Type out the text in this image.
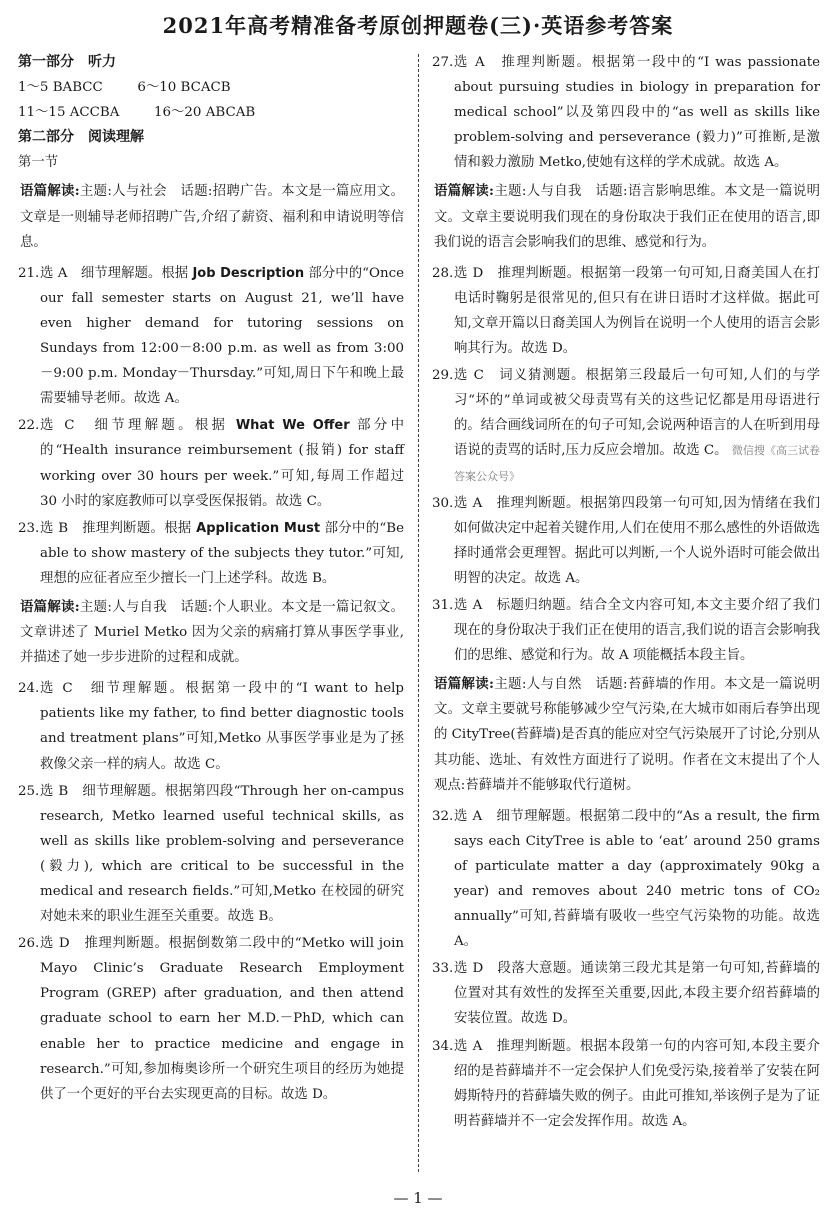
2021年高考精准备考原创押题卷(三)·英语参考答案
第一部分　听力
1～5 BABCC	6～10 BCACB
11～15 ACCBA	16～20 ABCAB
第二部分　阅读理解
第一节
语篇解读:主题:人与社会　话题:招聘广告。本文是一篇应用文。文章是一则辅导老师招聘广告,介绍了薪资、福利和申请说明等信息。
21. 选 A　细节理解题。根据 Job Description 部分中的“Once our fall semester starts on August 21, we’ll have even higher demand for tutoring sessions on Sundays from 12:00－8:00 p.m. as well as from 3:00－9:00 p.m. Monday－Thursday.”可知,周日下午和晚上最需要辅导老师。故选 A。
22. 选 C　细节理解题。根据 What We Offer 部分中的“Health insurance reimbursement (报销) for staff working over 30 hours per week.”可知,每周工作超过 30 小时的家庭教师可以享受医保报销。故选 C。
23. 选 B　推理判断题。根据 Application Must 部分中的“Be able to show mastery of the subjects they tutor.”可知,理想的应征者应至少擅长一门上述学科。故选 B。
语篇解读:主题:人与自我　话题:个人职业。本文是一篇记叙文。文章讲述了 Muriel Metko 因为父亲的病痛打算从事医学事业,并描述了她一步步进阶的过程和成就。
24. 选 C　细节理解题。根据第一段中的“I want to help patients like my father, to find better diagnostic tools and treatment plans”可知,Metko 从事医学事业是为了拯救像父亲一样的病人。故选 C。
25. 选 B　细节理解题。根据第四段“Through her on-campus research, Metko learned useful technical skills, as well as skills like problem-solving and perseverance (毅力), which are critical to be successful in the medical and research fields.”可知,Metko 在校园的研究对她未来的职业生涯至关重要。故选 B。
26. 选 D　推理判断题。根据倒数第二段中的“Metko will join Mayo Clinic’s Graduate Research Employment Program (GREP) after graduation, and then attend graduate school to earn her M.D.－PhD, which can enable her to practice medicine and engage in research.”可知,参加梅奥诊所一个研究生项目的经历为她提供了一个更好的平台去实现更高的目标。故选 D。
27. 选 A　推理判断题。根据第一段中的“I was passionate about pursuing studies in biology in preparation for medical school”以及第四段中的“as well as skills like problem-solving and perseverance (毅力)”可推断,是激情和毅力激励 Metko,使她有这样的学术成就。故选 A。
语篇解读:主题:人与自我　话题:语言影响思维。本文是一篇说明文。文章主要说明我们现在的身份取决于我们正在使用的语言,即我们说的语言会影响我们的思维、感觉和行为。
28. 选 D　推理判断题。根据第一段第一句可知,日裔美国人在打电话时鞠躬是很常见的,但只有在讲日语时才这样做。据此可知,文章开篇以日裔美国人为例旨在说明一个人使用的语言会影响其行为。故选 D。
29. 选 C　词义猜测题。根据第三段最后一句可知,人们的与学习“坏的”单词或被父母责骂有关的这些记忆都是用母语进行的。结合画线词所在的句子可知,会说两种语言的人在听到用母语说的责骂的话时,压力反应会增加。故选 C。 微信搜《高三试卷答案公众号》
30. 选 A　推理判断题。根据第四段第一句可知,因为情绪在我们如何做决定中起着关键作用,人们在使用不那么感性的外语做选择时通常会更理智。据此可以判断,一个人说外语时可能会做出明智的决定。故选 A。
31. 选 A　标题归纳题。结合全文内容可知,本文主要介绍了我们现在的身份取决于我们正在使用的语言,我们说的语言会影响我们的思维、感觉和行为。故 A 项能概括本段主旨。
语篇解读:主题:人与自然　话题:苔藓墙的作用。本文是一篇说明文。文章主要就号称能够减少空气污染,在大城市如雨后春笋出现的 CityTree(苔藓墙)是否真的能应对空气污染展开了讨论,分别从其功能、选址、有效性方面进行了说明。作者在文末提出了个人观点:苔藓墙并不能够取代行道树。
32. 选 A　细节理解题。根据第二段中的“As a result, the firm says each CityTree is able to ‘eat’ around 250 grams of particulate matter a day (approximately 90kg a year) and removes about 240 metric tons of CO₂ annually”可知,苔藓墙有吸收一些空气污染物的功能。故选 A。
33. 选 D　段落大意题。通读第三段尤其是第一句可知,苔藓墙的位置对其有效性的发挥至关重要,因此,本段主要介绍苔藓墙的安装位置。故选 D。
34. 选 A　推理判断题。根据本段第一句的内容可知,本段主要介绍的是苔藓墙并不一定会保护人们免受污染,接着举了安装在阿姆斯特丹的苔藓墙失败的例子。由此可推知,举该例子是为了证明苔藓墙并不一定会发挥作用。故选 A。
— 1 —
